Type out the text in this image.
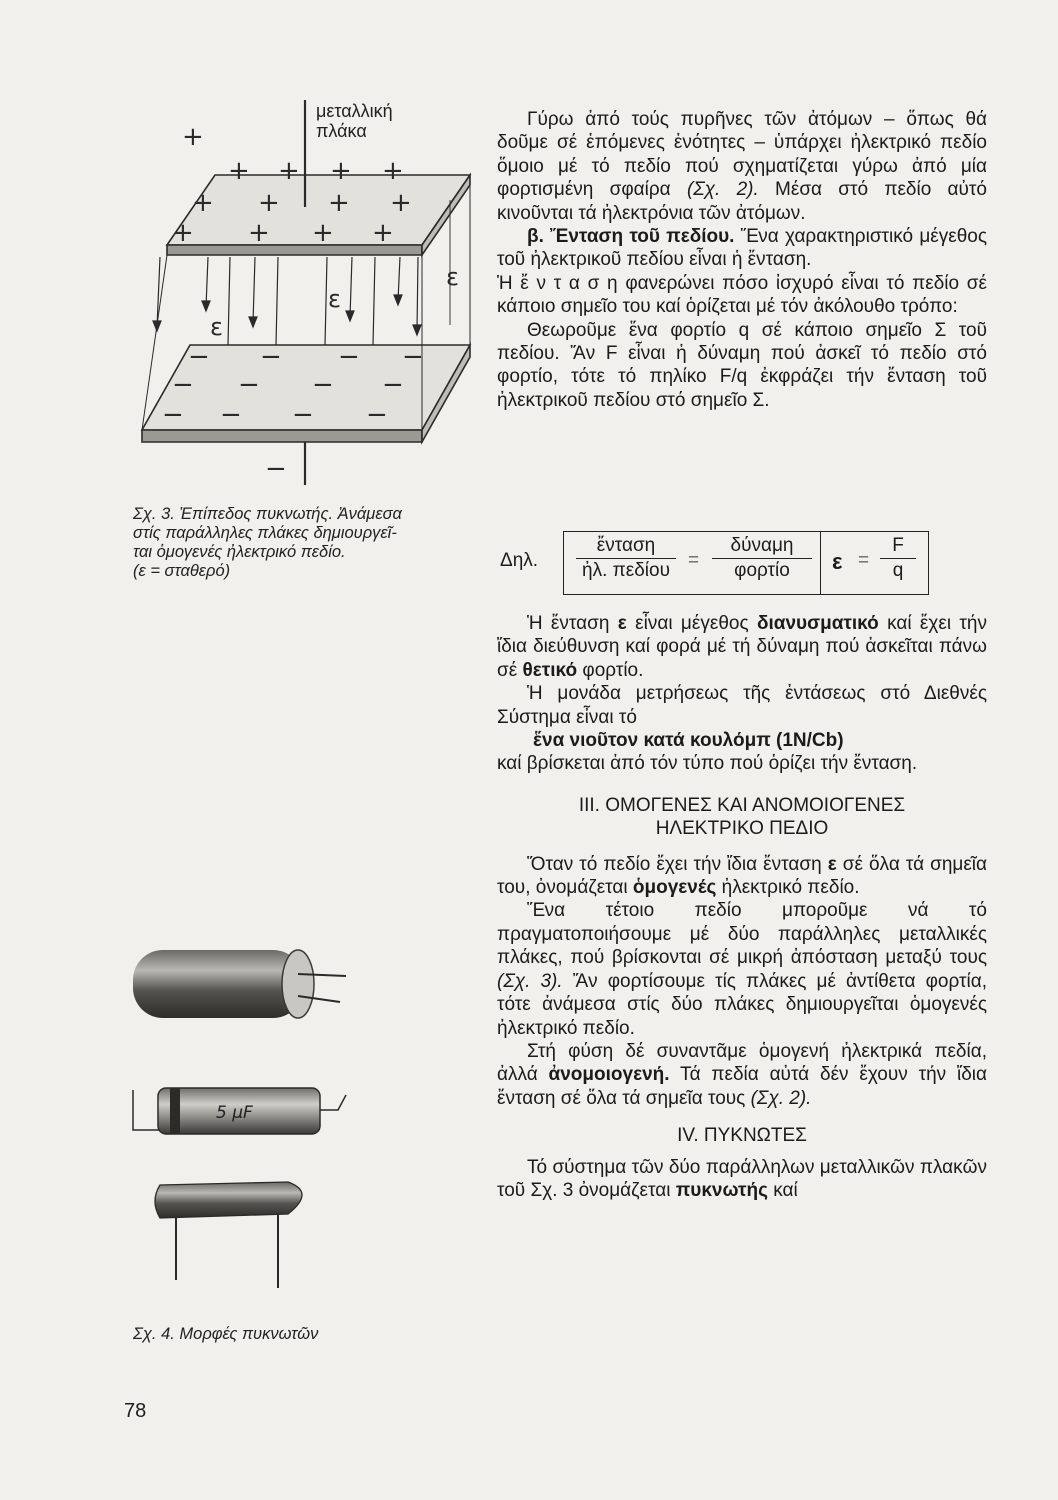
+ + + +
+ + + +
+ + + +
+
− − − −
− − − −
− − − −
−
ε
ε
ε
μεταλλική
πλάκα
Σχ. 3. Ἐπίπεδος πυκνωτής. Ἀνάμεσα
στίς παράλληλες πλάκες δημιουργεῖ-
ται ὁμογενές ἠλεκτρικό πεδίο.
(ε = σταθερό)
5 μF
Σχ. 4. Μορφές πυκνωτῶν

Γύρω ἀπό τούς πυρῆνες τῶν ἀτόμων – ὅπως θά δοῦμε σέ ἑπόμενες ἑνότητες – ὑπάρχει ἠλεκτρικό πεδίο ὅμοιο μέ τό πεδίο πού σχηματίζεται γύρω ἀπό μία φορτισμένη σφαίρα (Σχ. 2). Μέσα στό πεδίο αὐτό κινοῦνται τά ἠλεκτρόνια τῶν ἀτόμων.

β. Ἔνταση τοῦ πεδίου. Ἕνα χαρακτηριστικό μέγεθος τοῦ ἠλεκτρικοῦ πεδίου εἶναι ἡ ἔνταση.

Ἡ ἔ ν τ α σ η φανερώνει πόσο ἰσχυρό εἶναι τό πεδίο σέ κάποιο σημεῖο του καί ὁρίζεται μέ τόν ἀκόλουθο τρόπο:

Θεωροῦμε ἕνα φορτίο q σέ κάποιο σημεῖο Σ τοῦ πεδίου. Ἄν F εἶναι ἡ δύναμη πού ἀσκεῖ τό πεδίο στό φορτίο, τότε τό πηλίκο F/q ἐκφράζει τήν ἔνταση τοῦ ἠλεκτρικοῦ πεδίου στό σημεῖο Σ.

Δηλ.
ἔνταση
ἠλ. πεδίου =
δύναμη
φορτίο	ε =
F
q

Ἡ ἔνταση ε εἶναι μέγεθος διανυσματικό καί ἔχει τήν ἴδια διεύθυνση καί φορά μέ τή δύναμη πού ἀσκεῖται πάνω σέ θετικό φορτίο.

Ἡ μονάδα μετρήσεως τῆς ἐντάσεως στό Διεθνές Σύστημα εἶναι τό

ἕνα νιοῦτον κατά κουλόμπ (1N/Cb)

καί βρίσκεται ἀπό τόν τύπο πού ὁρίζει τήν ἔνταση.

III. ΟΜΟΓΕΝΕΣ ΚΑΙ ΑΝΟΜΟΙΟΓΕΝΕΣ
ΗΛΕΚΤΡΙΚΟ ΠΕΔΙΟ

Ὅταν τό πεδίο ἔχει τήν ἴδια ἔνταση ε σέ ὅλα τά σημεῖα του, ὀνομάζεται ὁμογενές ἠλεκτρικό πεδίο.

Ἕνα τέτοιο πεδίο μποροῦμε νά τό πραγματοποιήσουμε μέ δύο παράλληλες μεταλλικές πλάκες, πού βρίσκονται σέ μικρή ἀπόσταση μεταξύ τους (Σχ. 3). Ἄν φορτίσουμε τίς πλάκες μέ ἀντίθετα φορτία, τότε ἀνάμεσα στίς δύο πλάκες δημιουργεῖται ὁμογενές ἠλεκτρικό πεδίο.

Στή φύση δέ συναντᾶμε ὁμογενή ἠλεκτρικά πεδία, ἀλλά ἀνομοιογενή. Τά πεδία αὐτά δέν ἔχουν τήν ἴδια ἔνταση σέ ὅλα τά σημεῖα τους (Σχ. 2).

IV. ΠΥΚΝΩΤΕΣ

Τό σύστημα τῶν δύο παράλληλων μεταλλικῶν πλακῶν τοῦ Σχ. 3 ὀνομάζεται πυκνωτής καί

78
